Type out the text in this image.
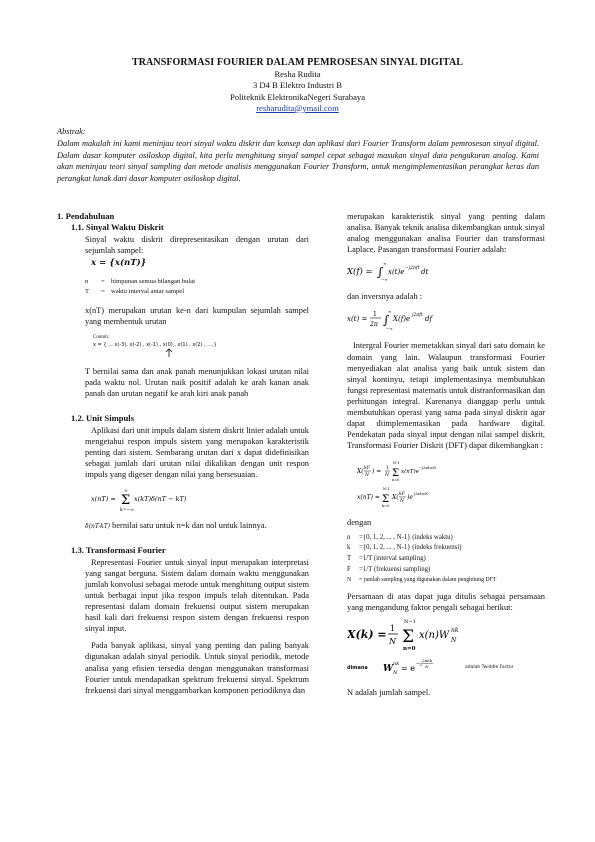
TRANSFORMASI FOURIER DALAM PEMROSESAN SINYAL DIGITAL
Resha Rudita
3 D4 B Elektro Industri B
Politeknik ElektronikaNegeri Surabaya
resharudita@ymail.com
Abstrak:
Dalam makalah ini kami meninjau teori sinyal waktu diskrit dan konsep dan aplikasi dari Fourier Transform dalam pemrosesan sinyal digital. Dalam dasar komputer osiloskop digital, kita perlu menghitung sinyal sampel cepat sebagai masukan sinyal data pengukuran analog. Kami akan meninjau teori sinyal sampling dan metode analisis menggunakan Fourier Transform, untuk mengimplementasikan perangkat keras dan perangkat lunak dari dasar komputer osiloskop digital.
1. Pendahuluan
1.1. Sinyal Waktu Diskrit
Sinyal waktu diskrit direpresentasikan dengan urutan dari sejumlah sampel:
x = {x(nT)}
n	= himpunan semua bilangan bulat
T	= waktu interval antar sampel
x(nT) merupakan urutan ke-n dari kumpulan sejumlah sampel yang membentuk urutan
Contoh:
x = { ... x(-3), x(-2) , x(-1) , x(0) , x(1) , x(2) , ....}
T bernilai sama dan anak panah menunjukkan lokasi urutan nilai pada waktu nol. Urutan naik positif adalah ke arah kanan anak panah dan urutan negatif ke arah kiri anak panah
1.2. Unit Simpuls
Aplikasi dari unit impuls dalam sistem diskrit linier adalah untuk mengetahui respon impuls sistem yang merupakan karakteristik penting dari sistem. Sembarang urutan dari x dapat didefinisikan sebagai jumlah dari urutan nilai dikalikan dengan unit respon impuls yang digeser dengan nilai yang bersesuaian.
x(nT) = Σ
∞
k=−∞
x(kT)δ(nT − kT)
δ(nT-kT) bernilai satu untuk n=k dan nol untuk lainnya.
1.3. Transformasi Fourier
Representasi Fourier untuk sinyal input merupakan interpretasi yang sangat berguna. Sistem dalam domain waktu menggunakan jumlah konvolusi sebagai metode untuk menghitung output sistem untuk berbagai input jika respon impuls telah ditentukan. Pada representasi dalam domain frekuensi output sistem merupakan hasil kali dari frekuensi respon sistem dengan frekuensi respon sinyal input.
Pada banyak aplikasi, sinyal yang penting dan paling banyak digunakan adalah sinyal periodik. Untuk sinyal periodik, metode analisa yang efisien tersedia dengan menggunakan transformasi Fourier untuk mendapatkan spektrum frekuensi sinyal. Spektrum frekuensi dari sinyal menggambarkan komponen periodiknya dan
merupakan karakteristik sinyal yang penting dalam analisa. Banyak teknik analisa dikembangkan untuk sinyal analog menggunakan analisa Fourier dan transformasi Laplace. Pasangan transformasi Fourier adalah:
X(f) = ∫
∞
−∞
x(t)e −j2πft dt
dan inversnya adalah :
x(t) =
1
2π ∫
∞
−∞
X(f)e j2πft df
Intergral Fourier memetakkan sinyal dari satu domain ke domain yang lain. Walaupun transformasi Fourier menyediakan alat analisa yang baik untuk sistem dan sinyal kontinyu, tetapi implementasinya membutuhkan fungsi representasi matematis untuk distranformasikan dan perhitungan integral. Karenanya dianggap perlu untuk membutuhkan operasi yang sama pada sinyal diskrit agar dapat diimplementasikan pada hardware digital. Pendekatan pada sinyal input dengan nilai sampel diskrit, Transformasi Fourier Diskrit (DFT) dapat dikembangkan :
X( kF
N
) = 1
N Σ
N-1
n=0
x(nT)e
−j2πkn/N
x(nT) = Σ
N-1
k=0
X( kF
N
)e j2πkn/N
dengan
n ={0, 1, 2, ... , N-1} (indeks waktu)
k ={0, 1, 2, ... , N-1} (indeks frekuensi)
T =1/T (interval sampling)
F =1/T (frekuensi sampling)
N = jumlah sampling yang digunakan dalam penghitung DFT
Persamaan di atas dapat juga ditulis sebagai persamaan yang mengandung faktor pengali sebagai berikut:
X(k) = 1
N Σ
N−1
n=0
x(n)W nk
N
dimana W nk
N = e −j
2πnk
N	adalah Twiddle Factor
N adalah jumlah sampel.
